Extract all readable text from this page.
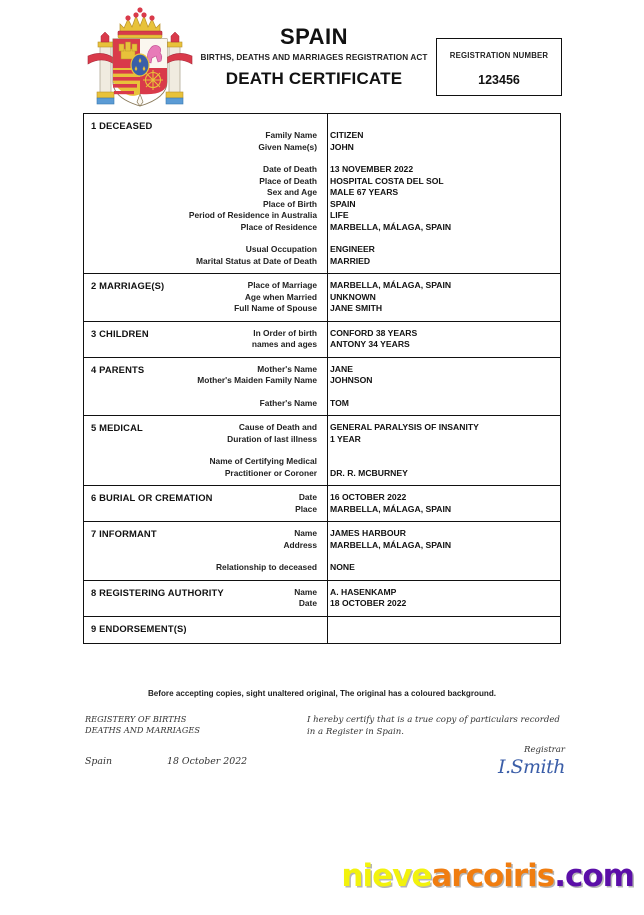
SPAIN
BIRTHS, DEATHS AND MARRIAGES REGISTRATION ACT
DEATH CERTIFICATE
REGISTRATION NUMBER
123456
1 DECEASED
Family Name	CITIZEN
Given Name(s)	JOHN
Date of Death	13 NOVEMBER 2022
Place of Death	HOSPITAL COSTA DEL SOL
Sex and Age	MALE 67 YEARS
Place of Birth	SPAIN
Period of Residence in Australia	LIFE
Place of Residence	MARBELLA, MÁLAGA, SPAIN
Usual Occupation	ENGINEER
Marital Status at Date of Death	MARRIED
2 MARRIAGE(S)	Place of Marriage	MARBELLA, MÁLAGA, SPAIN
Age when Married	UNKNOWN
Full Name of Spouse	JANE SMITH
3 CHILDREN	In Order of birth	CONFORD 38 YEARS
names and ages	ANTONY 34 YEARS
4 PARENTS	Mother's Name	JANE
Mother's Maiden Family Name	JOHNSON
Father's Name	TOM
5 MEDICAL	Cause of Death and	GENERAL PARALYSIS OF INSANITY
Duration of last illness	1 YEAR
Name of Certifying Medical
Practitioner or Coroner	DR. R. MCBURNEY
6 BURIAL OR CREMATION	Date	16 OCTOBER 2022
Place	MARBELLA, MÁLAGA, SPAIN
7 INFORMANT	Name	JAMES HARBOUR
Address	MARBELLA, MÁLAGA, SPAIN
Relationship to deceased	NONE
8 REGISTERING AUTHORITY	Name	A. HASENKAMP
Date	18 OCTOBER 2022
9 ENDORSEMENT(S)
Before accepting copies, sight unaltered original, The original has a coloured background.
REGISTERY OF BIRTHS
DEATHS AND MARRIAGES
Spain	18 October 2022
I hereby certify that is a true copy of particulars recorded in a Register in Spain.
Registrar
I.Smith
nievearcoiris.com
